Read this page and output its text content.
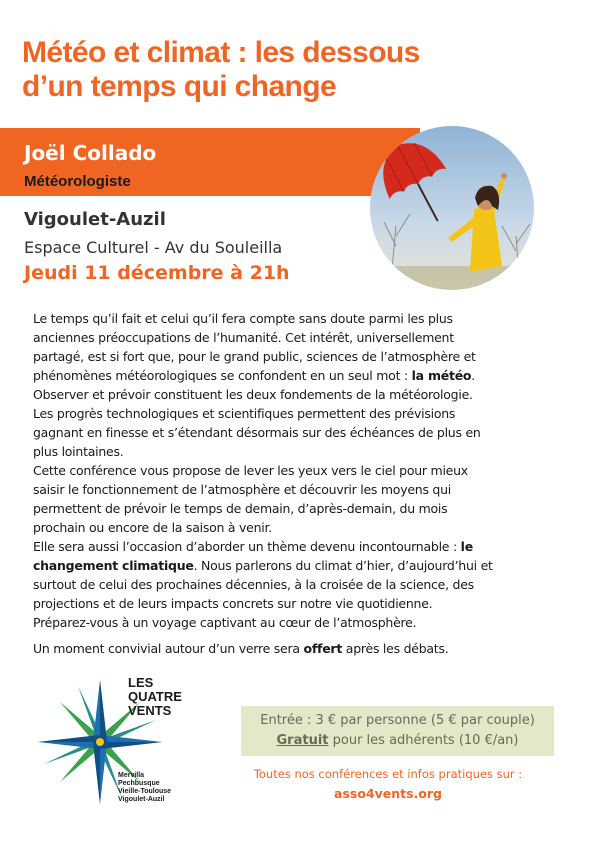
Météo et climat : les dessous
d’un temps qui change
Joël Collado
Météorologiste
Vigoulet-Auzil
Espace Culturel - Av du Souleilla
Jeudi 11 décembre à 21h
Le temps qu’il fait et celui qu’il fera compte sans doute parmi les plus
anciennes préoccupations de l’humanité. Cet intérêt, universellement
partagé, est si fort que, pour le grand public, sciences de l’atmosphère et
phénomènes météorologiques se confondent en un seul mot : la météo.
Observer et prévoir constituent les deux fondements de la météorologie.
Les progrès technologiques et scientifiques permettent des prévisions
gagnant en finesse et s’étendant désormais sur des échéances de plus en
plus lointaines.
Cette conférence vous propose de lever les yeux vers le ciel pour mieux
saisir le fonctionnement de l’atmosphère et découvrir les moyens qui
permettent de prévoir le temps de demain, d’après-demain, du mois
prochain ou encore de la saison à venir.
Elle sera aussi l’occasion d’aborder un thème devenu incontournable : le
changement climatique. Nous parlerons du climat d’hier, d’aujourd’hui et
surtout de celui des prochaines décennies, à la croisée de la science, des
projections et de leurs impacts concrets sur notre vie quotidienne.
Préparez-vous à un voyage captivant au cœur de l’atmosphère.
Un moment convivial autour d’un verre sera offert après les débats.
LES
QUATRE
VENTS
Mervilla
Pechbusque
Vieille-Toulouse
Vigoulet-Auzil
Entrée : 3 € par personne (5 € par couple)
Gratuit pour les adhérents (10 €/an)
Toutes nos conférences et infos pratiques sur :
asso4vents.org
